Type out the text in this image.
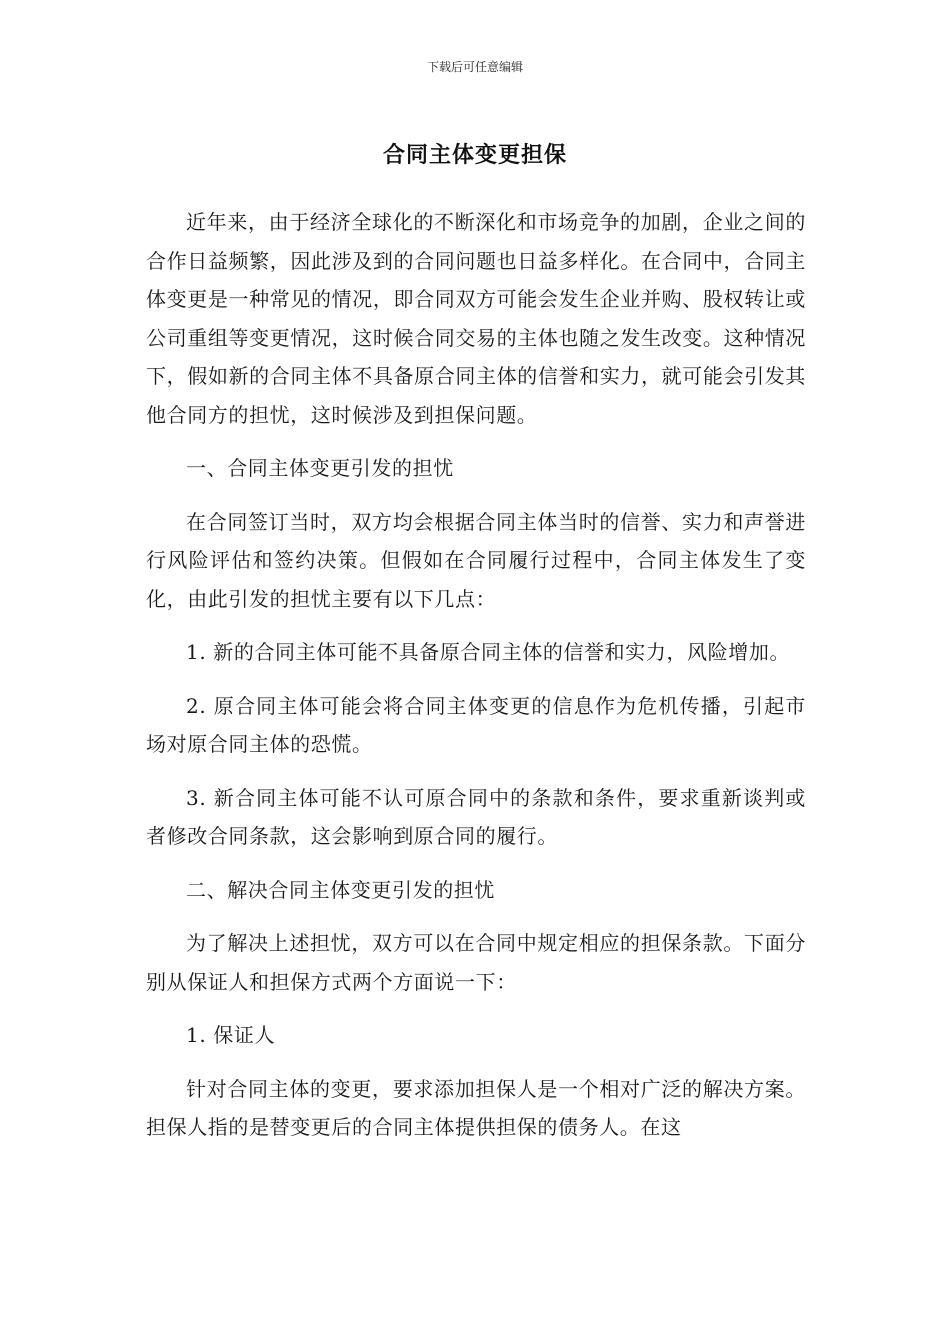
下载后可任意编辑
合同主体变更担保

近年来，由于经济全球化的不断深化和市场竞争的加剧，企业之间的合作日益频繁，因此涉及到的合同问题也日益多样化。在合同中，合同主体变更是一种常见的情况，即合同双方可能会发生企业并购、股权转让或公司重组等变更情况，这时候合同交易的主体也随之发生改变。这种情况下，假如新的合同主体不具备原合同主体的信誉和实力，就可能会引发其他合同方的担忧，这时候涉及到担保问题。

一、合同主体变更引发的担忧

在合同签订当时，双方均会根据合同主体当时的信誉、实力和声誉进行风险评估和签约决策。但假如在合同履行过程中，合同主体发生了变化，由此引发的担忧主要有以下几点：

1. 新的合同主体可能不具备原合同主体的信誉和实力，风险增加。

2. 原合同主体可能会将合同主体变更的信息作为危机传播，引起市场对原合同主体的恐慌。

3. 新合同主体可能不认可原合同中的条款和条件，要求重新谈判或者修改合同条款，这会影响到原合同的履行。

二、解决合同主体变更引发的担忧

为了解决上述担忧，双方可以在合同中规定相应的担保条款。下面分别从保证人和担保方式两个方面说一下：

1. 保证人

针对合同主体的变更，要求添加担保人是一个相对广泛的解决方案。担保人指的是替变更后的合同主体提供担保的债务人。在这
